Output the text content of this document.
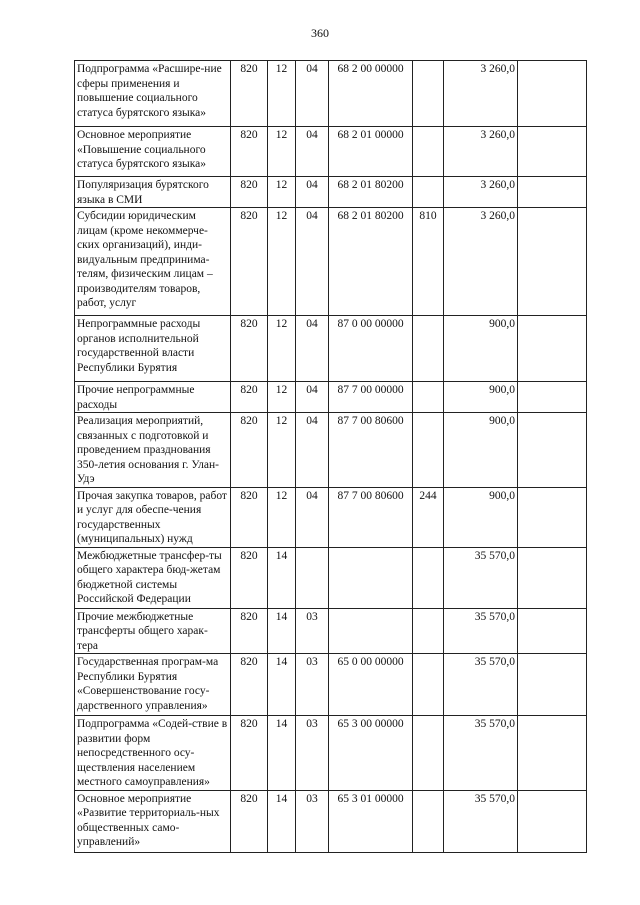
360
Подпрограмма «Расшире-ние сферы применения и повышение социального статуса бурятского языка»	820	12	04	68 2 00 00000		3 260,0	
Основное мероприятие «Повышение социального статуса бурятского языка»	820	12	04	68 2 01 00000		3 260,0	
Популяризация бурятского языка в СМИ	820	12	04	68 2 01 80200		3 260,0	
Субсидии юридическим лицам (кроме некоммерче-ских организаций), инди-видуальным предпринима-телям, физическим лицам – производителям товаров, работ, услуг	820	12	04	68 2 01 80200	810	3 260,0	
Непрограммные расходы органов исполнительной государственной власти Республики Бурятия	820	12	04	87 0 00 00000		900,0	
Прочие непрограммные расходы	820	12	04	87 7 00 00000		900,0	
Реализация мероприятий, связанных с подготовкой и проведением празднования 350-летия основания г. Улан-Удэ	820	12	04	87 7 00 80600		900,0	
Прочая закупка товаров, работ и услуг для обеспе-чения государственных (муниципальных) нужд	820	12	04	87 7 00 80600	244	900,0	
Межбюджетные трансфер-ты общего характера бюд-жетам бюджетной системы Российской Федерации	820	14				35 570,0	
Прочие межбюджетные трансферты общего харак-тера	820	14	03			35 570,0	
Государственная програм-ма Республики Бурятия «Совершенствование госу-дарственного управления»	820	14	03	65 0 00 00000		35 570,0	
Подпрограмма «Содей-ствие в развитии форм непосредственного осу-ществления населением местного самоуправления»	820	14	03	65 3 00 00000		35 570,0	
Основное мероприятие «Развитие территориаль-ных общественных само-управлений»	820	14	03	65 3 01 00000		35 570,0	
